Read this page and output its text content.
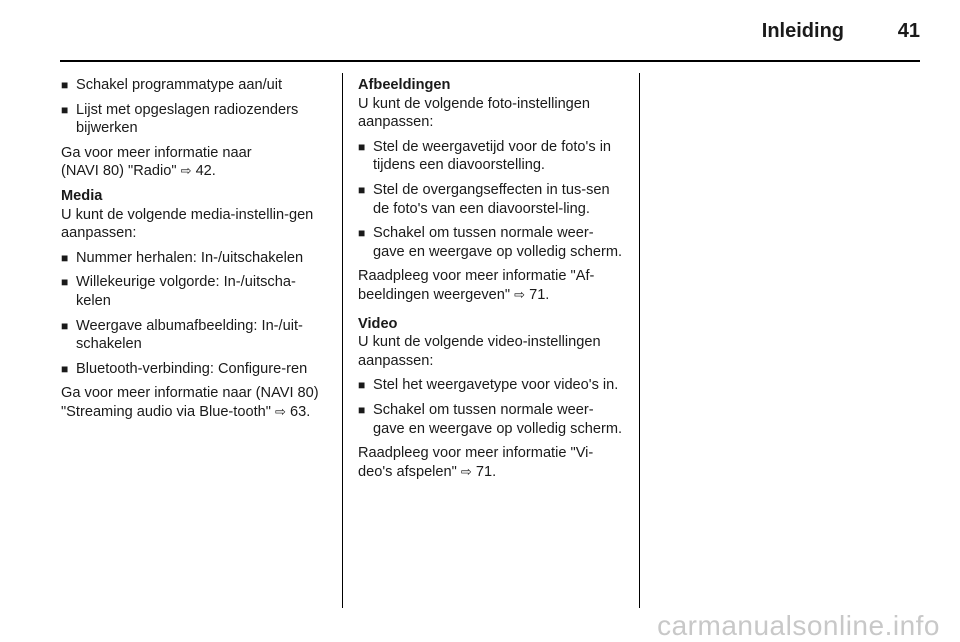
Inleiding	41
■ Schakel programmatype aan/uit
■ Lijst met opgeslagen radiozenders bijwerken

Ga voor meer informatie naar
(NAVI 80) "Radio" ⇨ 42.

Media

U kunt de volgende media-instellin-gen aanpassen:

■ Nummer herhalen: In-/uitschakelen
■ Willekeurige volgorde: In-/uitscha-kelen
■ Weergave albumafbeelding: In-/uit-schakelen
■ Bluetooth-verbinding: Configure-ren

Ga voor meer informatie naar (NAVI 80) "Streaming audio via Blue-tooth" ⇨ 63.

Afbeeldingen

U kunt de volgende foto-instellingen aanpassen:

■ Stel de weergavetijd voor de foto's in tijdens een diavoorstelling.
■ Stel de overgangseffecten in tus-sen de foto's van een diavoorstel-ling.
■ Schakel om tussen normale weer-gave en weergave op volledig scherm.

Raadpleeg voor meer informatie "Af-beeldingen weergeven" ⇨ 71.

Video

U kunt de volgende video-instellingen aanpassen:

■ Stel het weergavetype voor video's in.
■ Schakel om tussen normale weer-gave en weergave op volledig scherm.

Raadpleeg voor meer informatie "Vi-deo's afspelen" ⇨ 71.

carmanualsonline.info
